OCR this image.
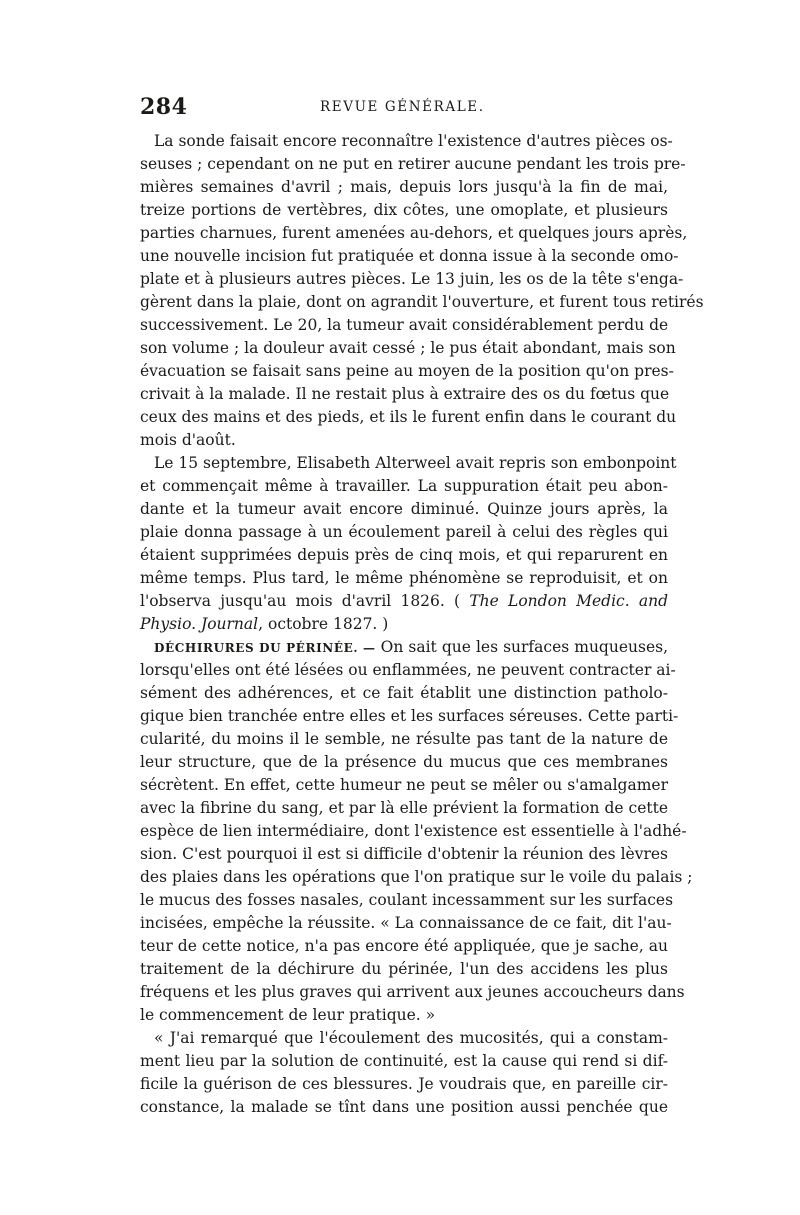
284	REVUE GÉNÉRALE.
La sonde faisait encore reconnaître l'existence d'autres pièces os-
seuses ; cependant on ne put en retirer aucune pendant les trois pre-
mières semaines d'avril ; mais, depuis lors jusqu'à la fin de mai,
treize portions de vertèbres, dix côtes, une omoplate, et plusieurs
parties charnues, furent amenées au-dehors, et quelques jours après,
une nouvelle incision fut pratiquée et donna issue à la seconde omo-
plate et à plusieurs autres pièces. Le 13 juin, les os de la tête s'enga-
gèrent dans la plaie, dont on agrandit l'ouverture, et furent tous retirés
successivement. Le 20, la tumeur avait considérablement perdu de
son volume ; la douleur avait cessé ; le pus était abondant, mais son
évacuation se faisait sans peine au moyen de la position qu'on pres-
crivait à la malade. Il ne restait plus à extraire des os du fœtus que
ceux des mains et des pieds, et ils le furent enfin dans le courant du
mois d'août.
Le 15 septembre, Elisabeth Alterweel avait repris son embonpoint
et commençait même à travailler. La suppuration était peu abon-
dante et la tumeur avait encore diminué. Quinze jours après, la
plaie donna passage à un écoulement pareil à celui des règles qui
étaient supprimées depuis près de cinq mois, et qui reparurent en
même temps. Plus tard, le même phénomène se reproduisit, et on
l'observa jusqu'au mois d'avril 1826. ( The London Medic. and
Physio. Journal, octobre 1827. )
DÉCHIRURES DU PÉRINÉE. — On sait que les surfaces muqueuses,
lorsqu'elles ont été lésées ou enflammées, ne peuvent contracter ai-
sément des adhérences, et ce fait établit une distinction patholo-
gique bien tranchée entre elles et les surfaces séreuses. Cette parti-
cularité, du moins il le semble, ne résulte pas tant de la nature de
leur structure, que de la présence du mucus que ces membranes
sécrètent. En effet, cette humeur ne peut se mêler ou s'amalgamer
avec la fibrine du sang, et par là elle prévient la formation de cette
espèce de lien intermédiaire, dont l'existence est essentielle à l'adhé-
sion. C'est pourquoi il est si difficile d'obtenir la réunion des lèvres
des plaies dans les opérations que l'on pratique sur le voile du palais ;
le mucus des fosses nasales, coulant incessamment sur les surfaces
incisées, empêche la réussite. « La connaissance de ce fait, dit l'au-
teur de cette notice, n'a pas encore été appliquée, que je sache, au
traitement de la déchirure du périnée, l'un des accidens les plus
fréquens et les plus graves qui arrivent aux jeunes accoucheurs dans
le commencement de leur pratique. »
« J'ai remarqué que l'écoulement des mucosités, qui a constam-
ment lieu par la solution de continuité, est la cause qui rend si dif-
ficile la guérison de ces blessures. Je voudrais que, en pareille cir-
constance, la malade se tînt dans une position aussi penchée que
